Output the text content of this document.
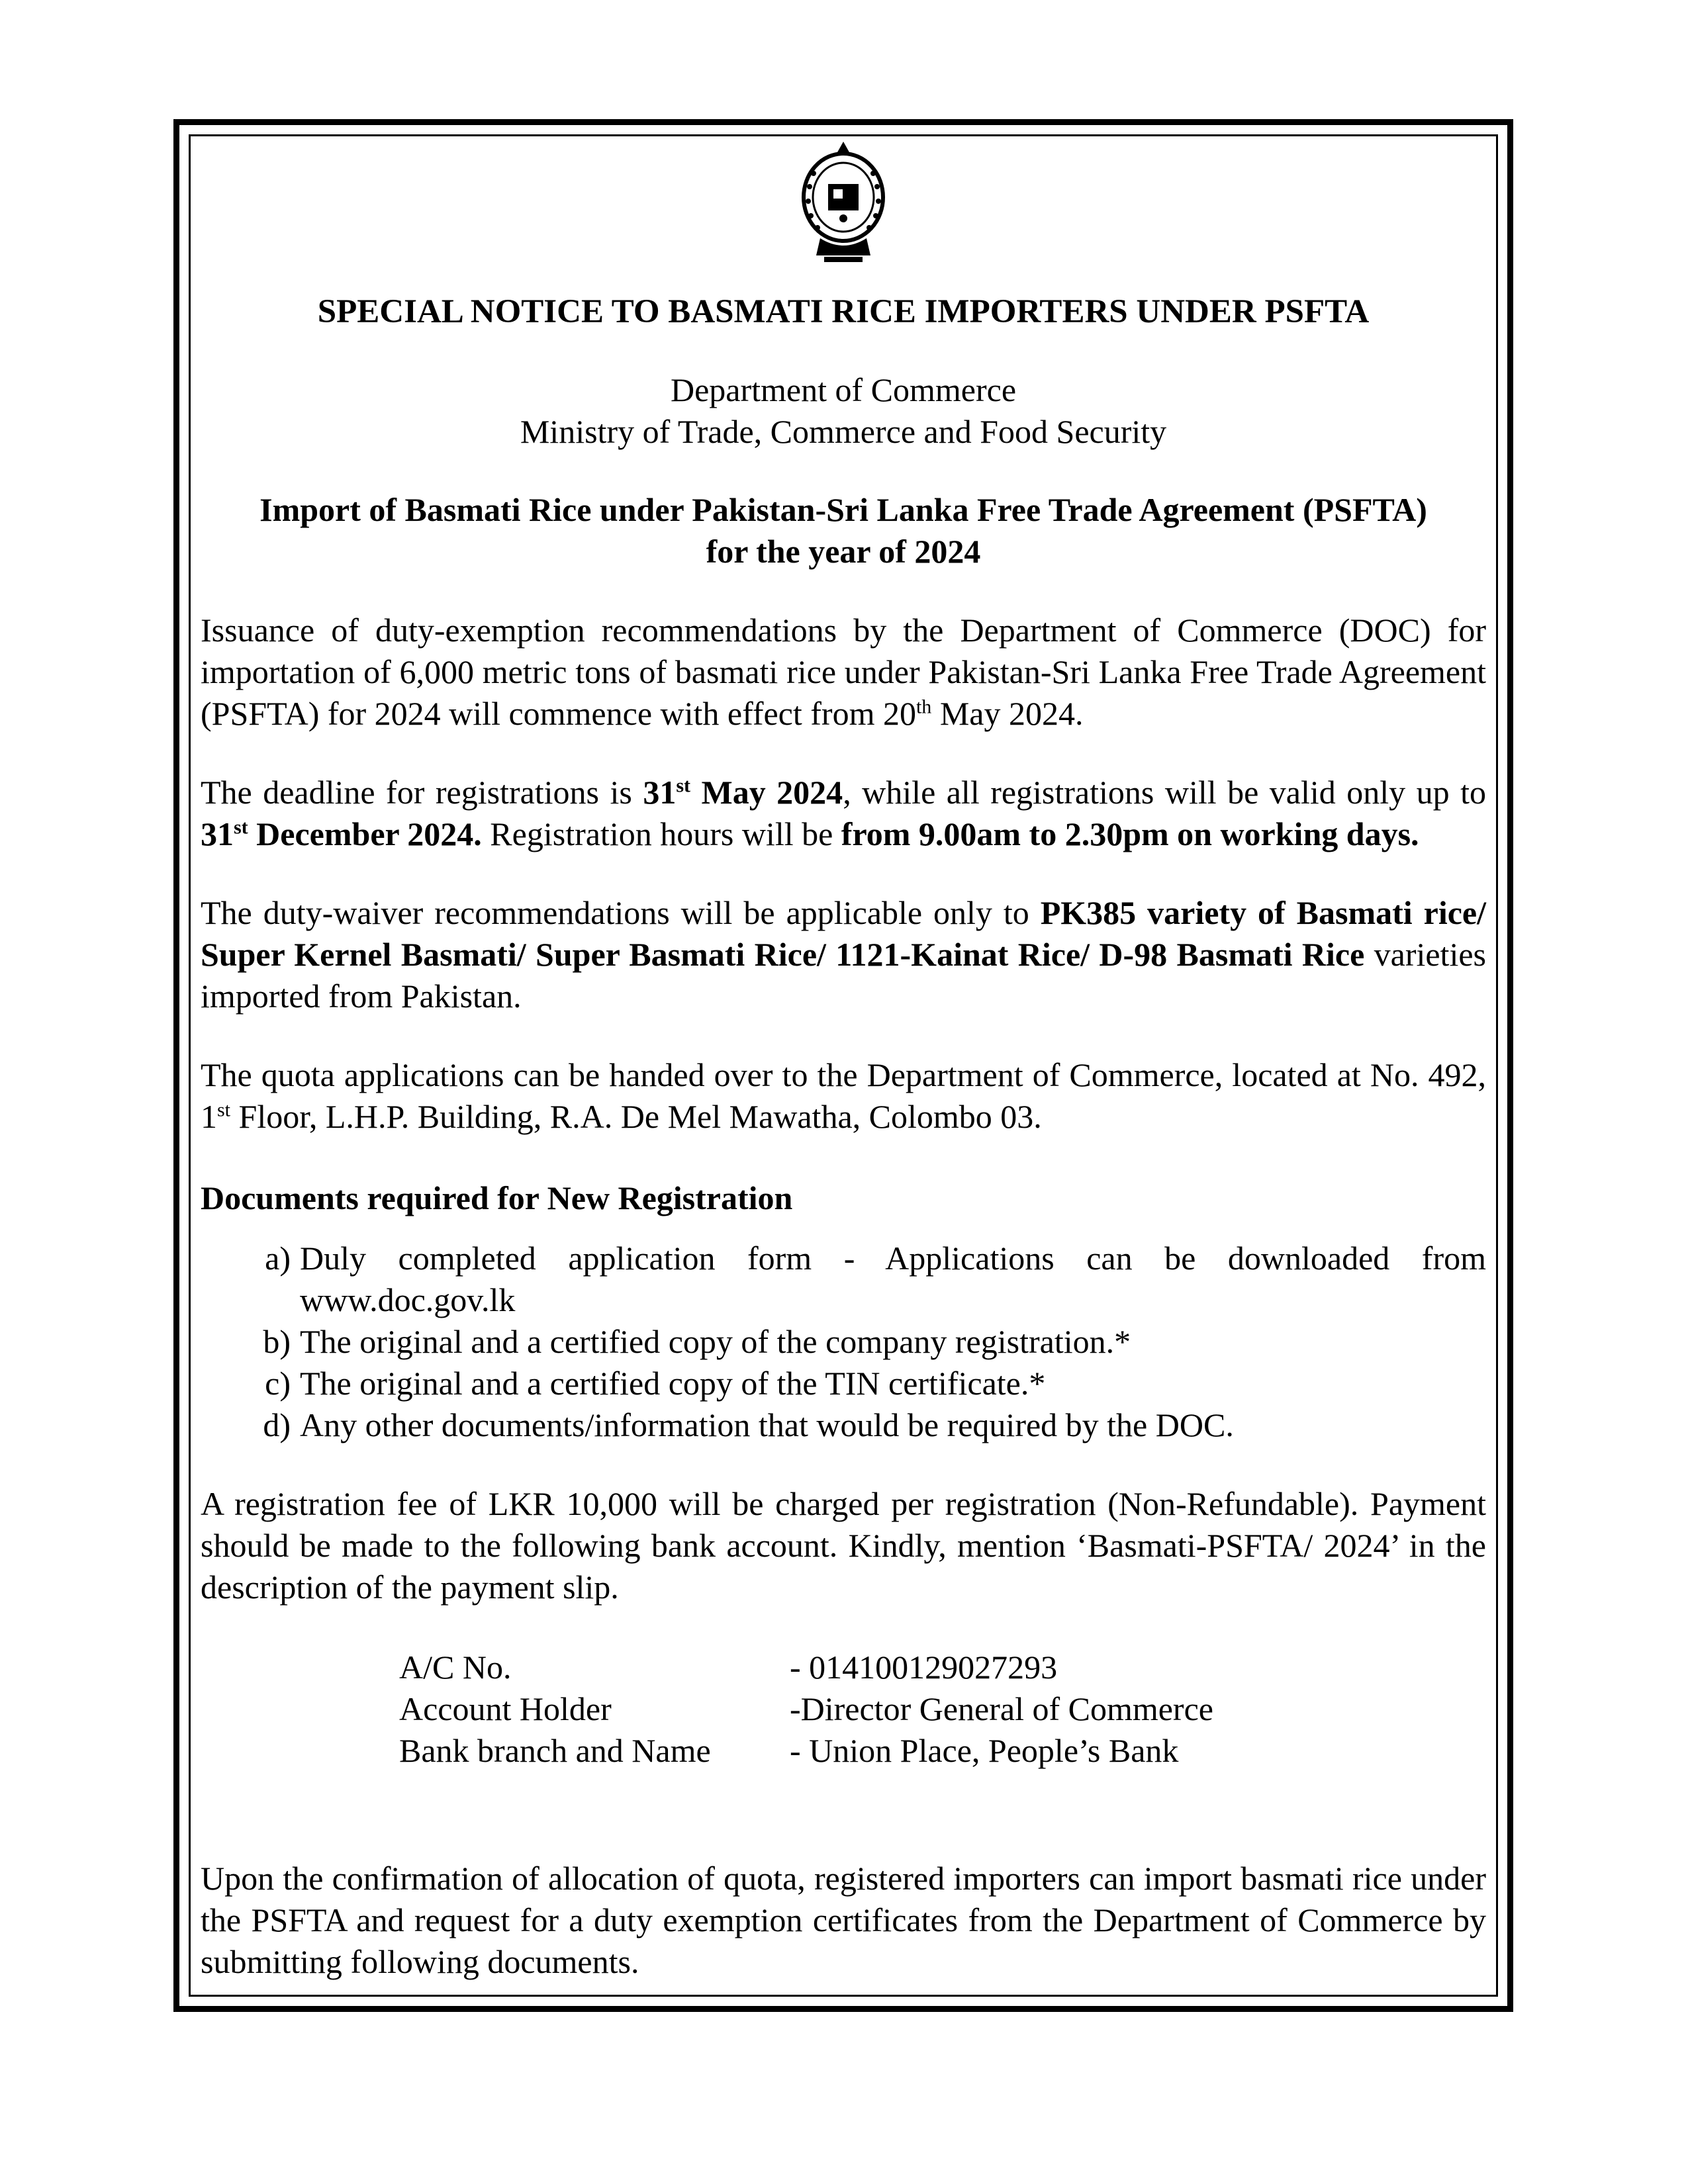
SPECIAL NOTICE TO BASMATI RICE IMPORTERS UNDER PSFTA
Department of Commerce
Ministry of Trade, Commerce and Food Security
Import of Basmati Rice under Pakistan-Sri Lanka Free Trade Agreement (PSFTA)
for the year of 2024

Issuance of duty-exemption recommendations by the Department of Commerce (DOC) for importation of 6,000 metric tons of basmati rice under Pakistan-Sri Lanka Free Trade Agreement (PSFTA) for 2024 will commence with effect from 20th May 2024.

The deadline for registrations is 31st May 2024, while all registrations will be valid only up to 31st December 2024. Registration hours will be from 9.00am to 2.30pm on working days.

The duty-waiver recommendations will be applicable only to PK385 variety of Basmati rice/ Super Kernel Basmati/ Super Basmati Rice/ 1121-Kainat Rice/ D-98 Basmati Rice varieties imported from Pakistan.

The quota applications can be handed over to the Department of Commerce, located at No. 492, 1st Floor, L.H.P. Building, R.A. De Mel Mawatha, Colombo 03.

Documents required for New Registration
a) Duly completed application form - Applications can be downloaded from www.doc.gov.lk
b) The original and a certified copy of the company registration.*
c) The original and a certified copy of the TIN certificate.*
d) Any other documents/information that would be required by the DOC.

A registration fee of LKR 10,000 will be charged per registration (Non-Refundable). Payment should be made to the following bank account. Kindly, mention ‘Basmati-PSFTA/ 2024’ in the description of the payment slip.

A/C No.	- 014100129027293
Account Holder	-Director General of Commerce
Bank branch and Name	- Union Place, People’s Bank

Upon the confirmation of allocation of quota, registered importers can import basmati rice under the PSFTA and request for a duty exemption certificates from the Department of Commerce by submitting following documents.
